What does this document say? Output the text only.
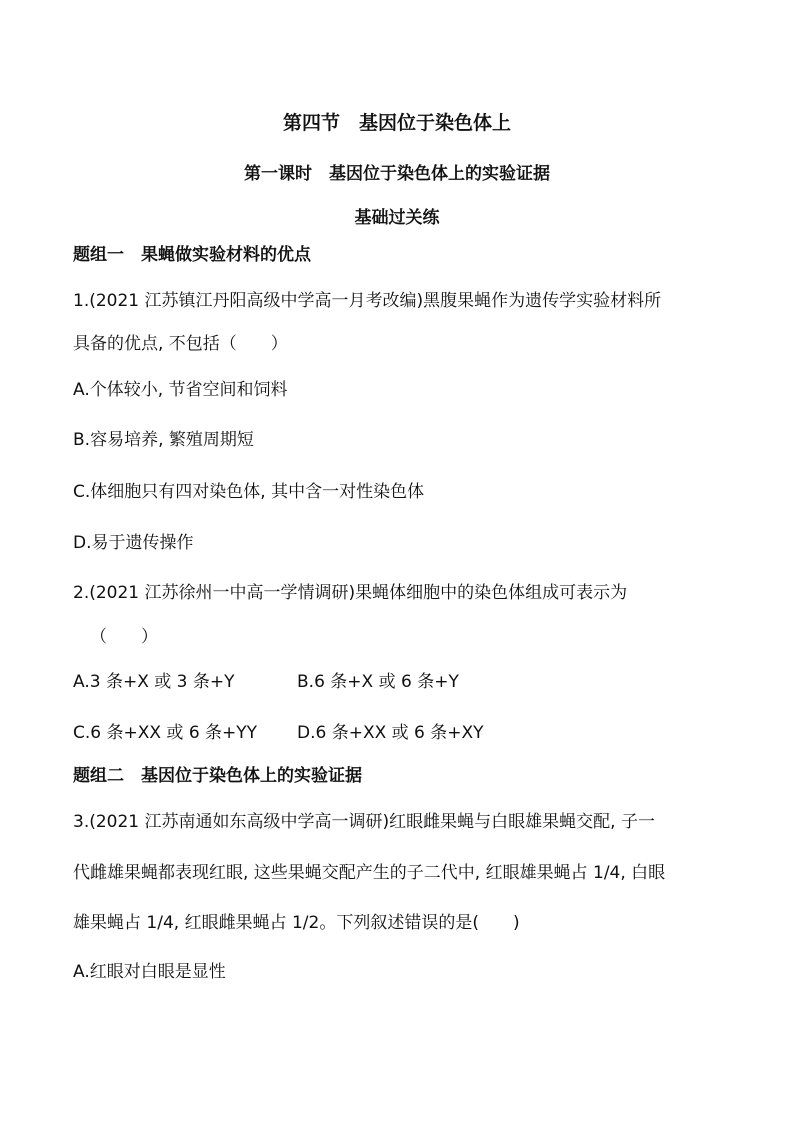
第四节　基因位于染色体上
第一课时　基因位于染色体上的实验证据
基础过关练
题组一　果蝇做实验材料的优点
1.(2021 江苏镇江丹阳高级中学高一月考改编)黑腹果蝇作为遗传学实验材料所
具备的优点, 不包括（　　）
A.个体较小, 节省空间和饲料
B.容易培养, 繁殖周期短
C.体细胞只有四对染色体, 其中含一对性染色体
D.易于遗传操作
2.(2021 江苏徐州一中高一学情调研)果蝇体细胞中的染色体组成可表示为
（　　）
A.3 条+X 或 3 条+Y	B.6 条+X 或 6 条+Y
C.6 条+XX 或 6 条+YY D.6 条+XX 或 6 条+XY
题组二　基因位于染色体上的实验证据
3.(2021 江苏南通如东高级中学高一调研)红眼雌果蝇与白眼雄果蝇交配, 子一
代雌雄果蝇都表现红眼, 这些果蝇交配产生的子二代中, 红眼雄果蝇占 1/4, 白眼
雄果蝇占 1/4, 红眼雌果蝇占 1/2。下列叙述错误的是(　　)
A.红眼对白眼是显性
